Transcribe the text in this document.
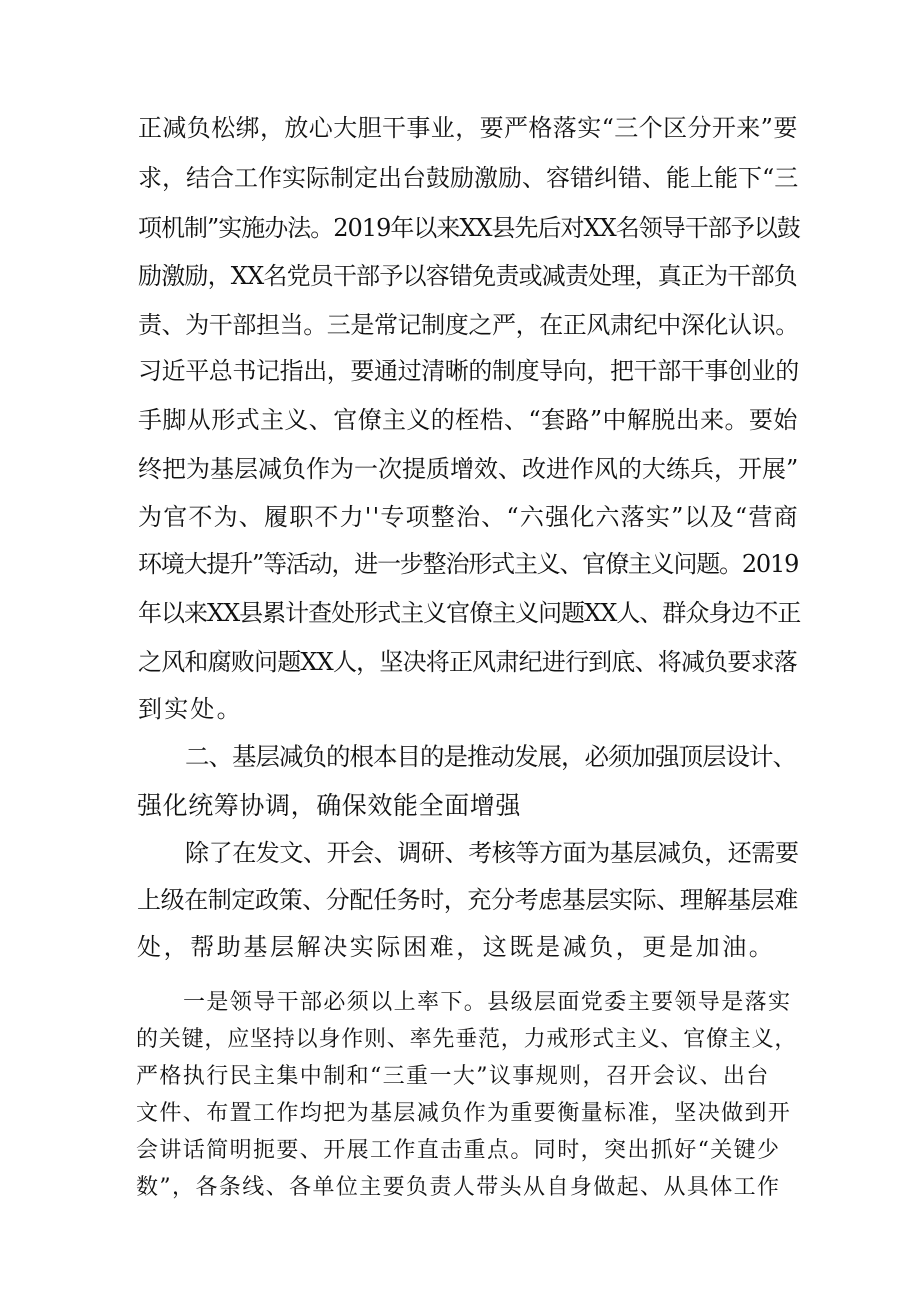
正减负松绑，放心大胆干事业，要严格落实“三个区分开来”要
求，结合工作实际制定出台鼓励激励、容错纠错、能上能下“三
项机制”实施办法。2019年以来XX县先后对XX名领导干部予以鼓
励激励，XX名党员干部予以容错免责或减责处理，真正为干部负
责、为干部担当。三是常记制度之严，在正风肃纪中深化认识。
习近平总书记指出，要通过清晰的制度导向，把干部干事创业的
手脚从形式主义、官僚主义的桎梏、“套路”中解脱出来。要始
终把为基层减负作为一次提质增效、改进作风的大练兵，开展”
为官不为、履职不力''专项整治、“六强化六落实”以及“营商
环境大提升”等活动，进一步整治形式主义、官僚主义问题。2019
年以来XX县累计查处形式主义官僚主义问题XX人、群众身边不正
之风和腐败问题XX人，坚决将正风肃纪进行到底、将减负要求落
到实处。
二、基层减负的根本目的是推动发展，必须加强顶层设计、
强化统筹协调，确保效能全面增强
除了在发文、开会、调研、考核等方面为基层减负，还需要
上级在制定政策、分配任务时，充分考虑基层实际、理解基层难
处，帮助基层解决实际困难，这既是减负，更是加油。
一是领导干部必须以上率下。县级层面党委主要领导是落实
的关键，应坚持以身作则、率先垂范，力戒形式主义、官僚主义，
严格执行民主集中制和“三重一大”议事规则，召开会议、出台
文件、布置工作均把为基层减负作为重要衡量标准，坚决做到开
会讲话简明扼要、开展工作直击重点。同时，突出抓好“关键少
数”，各条线、各单位主要负责人带头从自身做起、从具体工作
